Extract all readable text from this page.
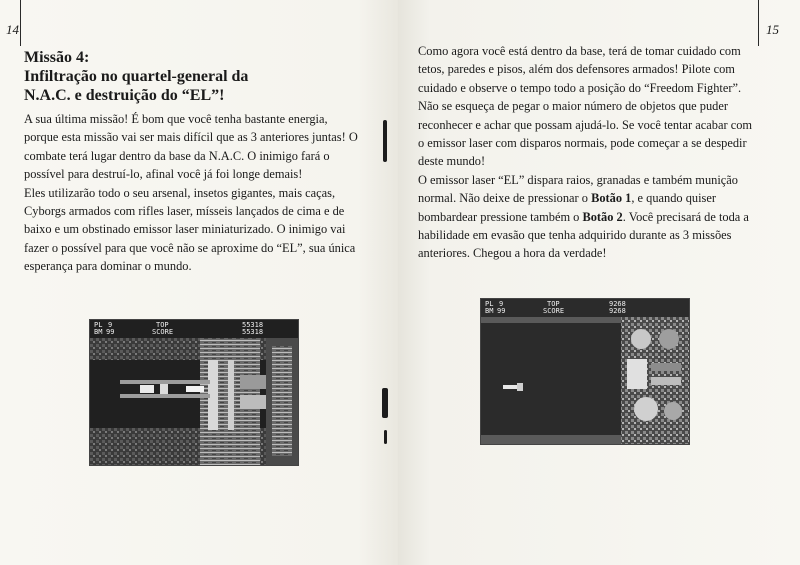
14
Missão 4:
Infiltração no quartel-general da
N.A.C. e destruição do “EL”!

A sua última missão! É bom que você tenha bastante energia, porque esta missão vai ser mais difícil que as 3 anteriores juntas! O combate terá lugar dentro da base da N.A.C. O inimigo fará o possível para destruí-lo, afinal você já foi longe demais!

Eles utilizarão todo o seu arsenal, insetos gigantes, mais caças, Cyborgs armados com rifles laser, mísseis lançados de cima e de baixo e um obstinado emissor laser miniaturizado. O inimigo vai fazer o possível para que você não se aproxime do “EL”, sua única esperança para dominar o mundo.

PL

9

BM

99

TOP

SCORE

55318

55318

15

Como agora você está dentro da base, terá de tomar cuidado com tetos, paredes e pisos, além dos defensores armados! Pilote com cuidado e observe o tempo todo a posição do “Freedom Fighter”. Não se esqueça de pegar o maior número de objetos que puder reconhecer e achar que possam ajudá-lo. Se você tentar acabar com o emissor laser com disparos normais, pode começar a se despedir deste mundo!

O emissor laser “EL” dispara raios, granadas e também munição normal. Não deixe de pressionar o Botão 1, e quando quiser bombardear pressione também o Botão 2. Você precisará de toda a habilidade em evasão que tenha adquirido durante as 3 missões anteriores. Chegou a hora da verdade!

PL

9

BM

99

TOP

SCORE

9268

9268
